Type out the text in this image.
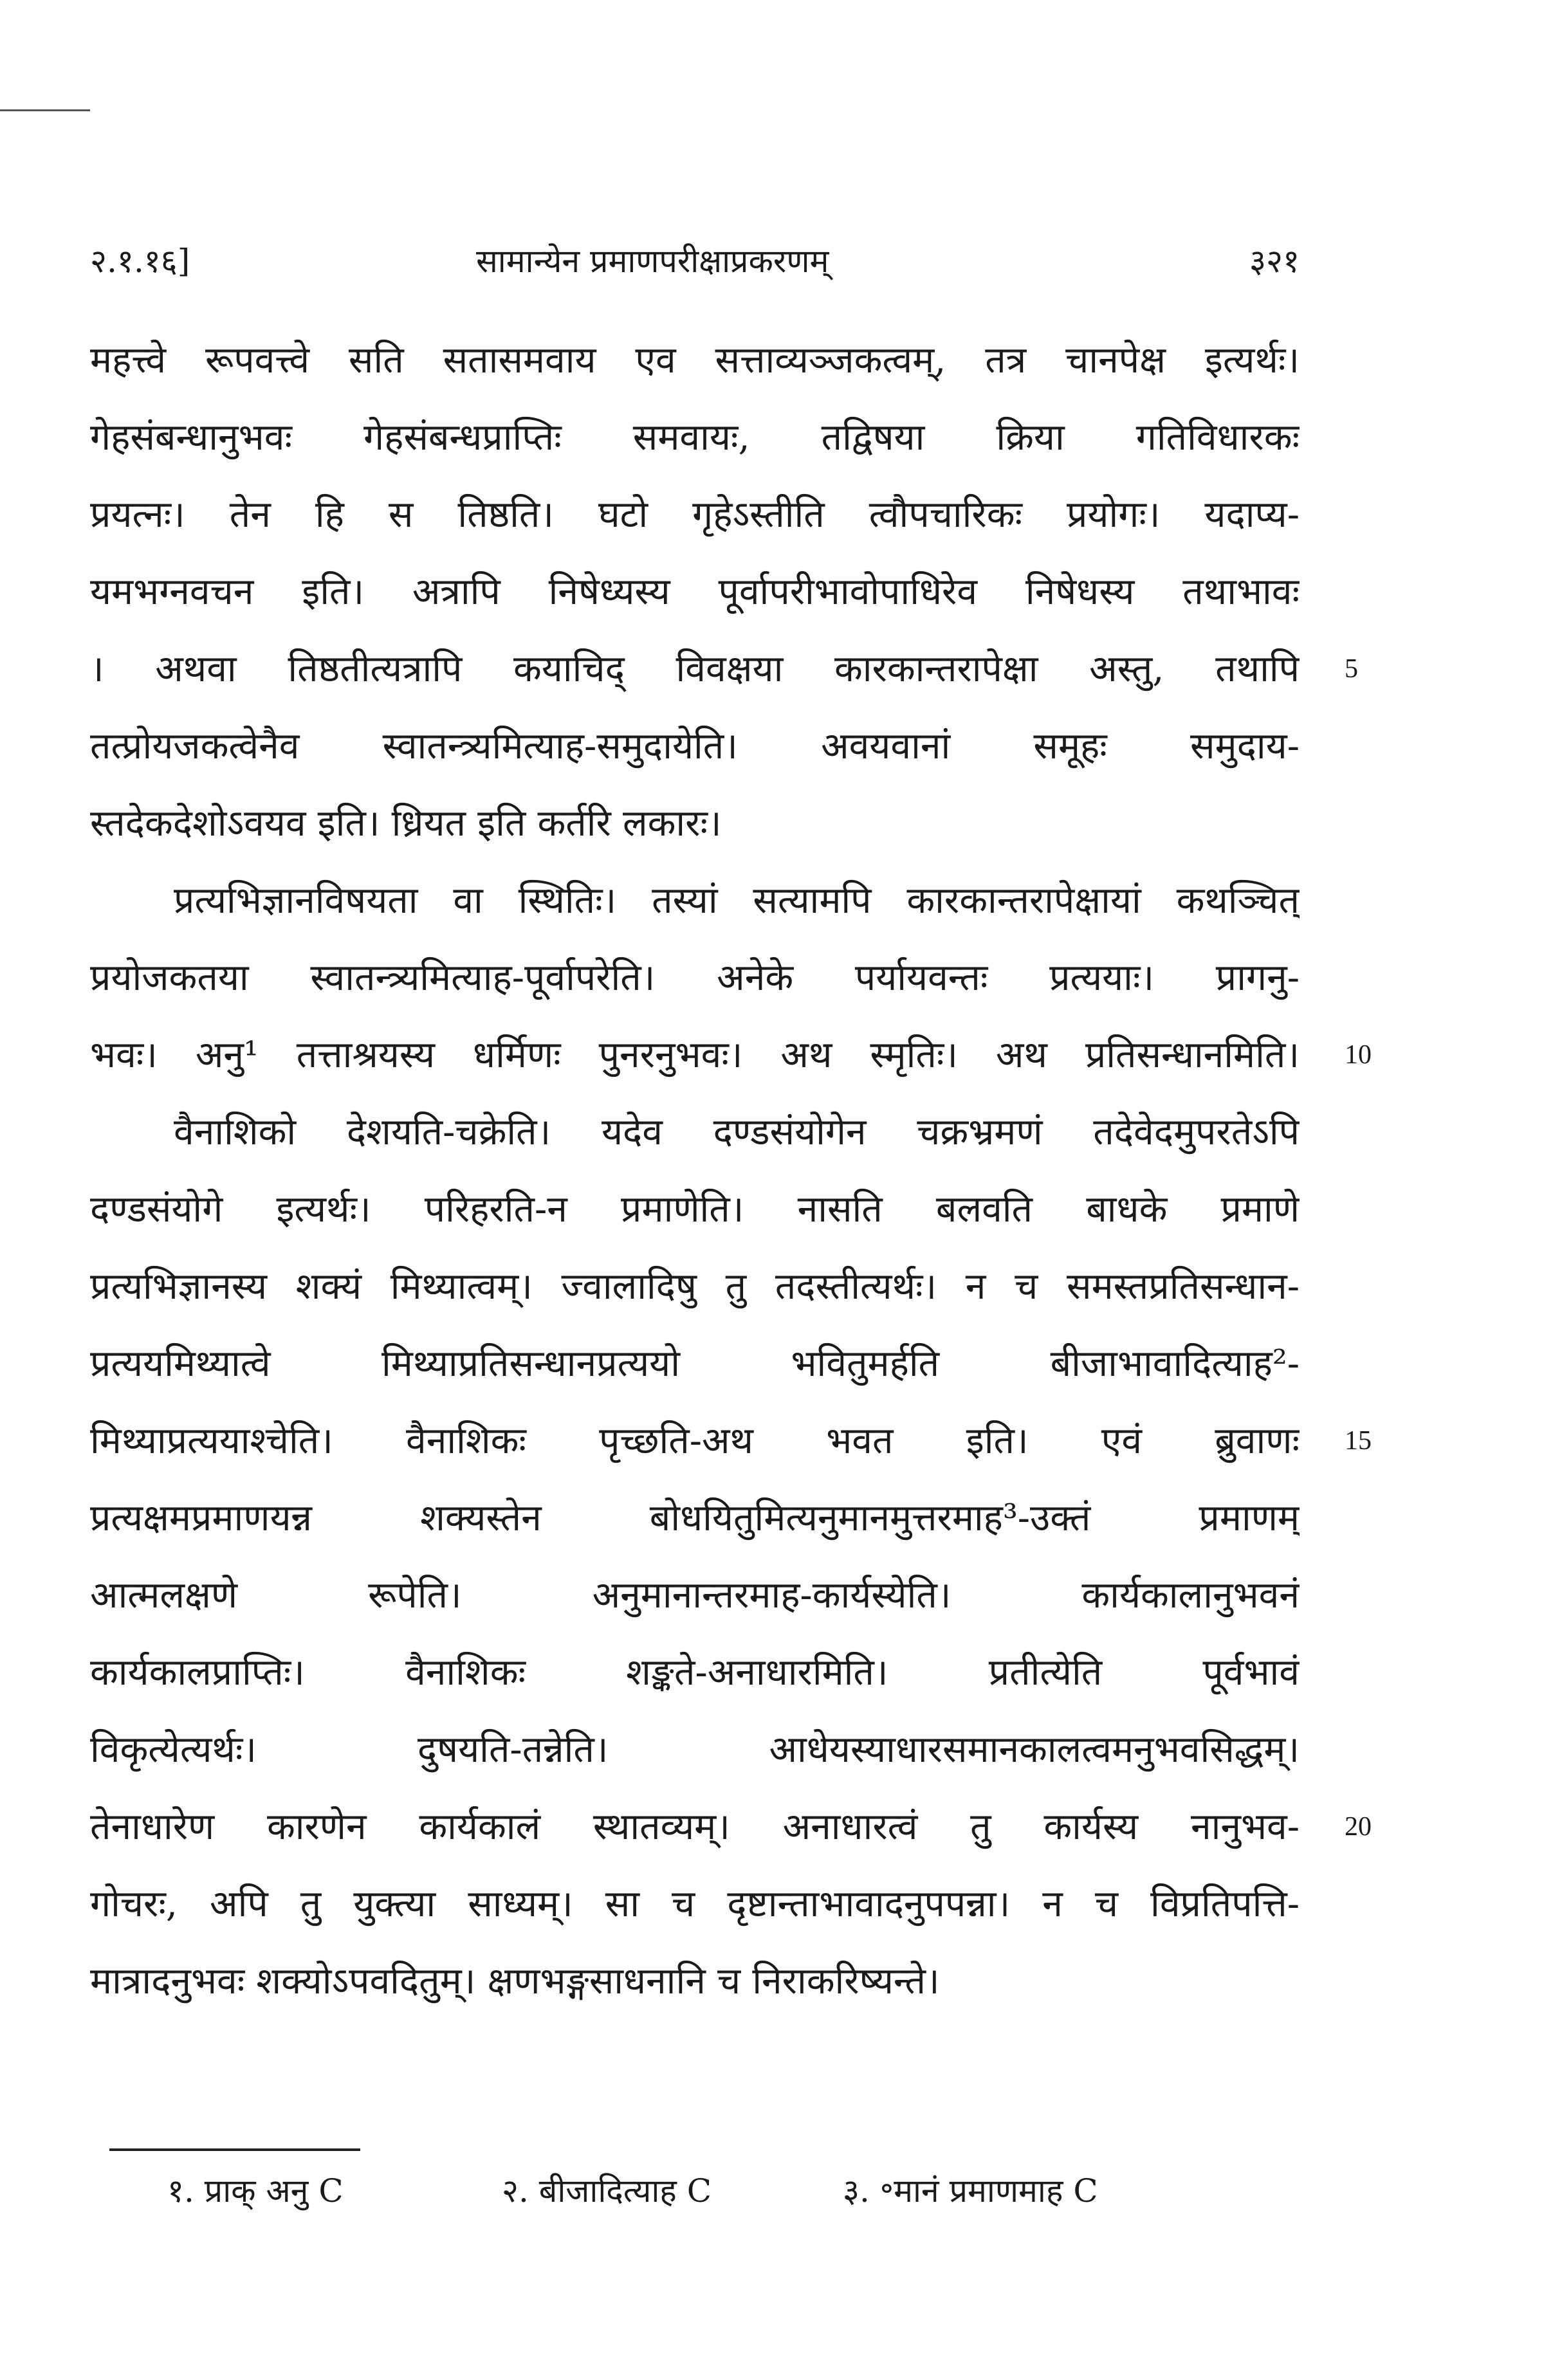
२.१.१६]	सामान्येन प्रमाणपरीक्षाप्रकरणम्	३२१
महत्त्वे रूपवत्त्वे सति सतासमवाय एव सत्ताव्यञ्जकत्वम्, तत्र चानपेक्ष इत्यर्थः।
गेहसंबन्धानुभवः गेहसंबन्धप्राप्तिः समवायः, तद्विषया क्रिया गतिविधारकः
प्रयत्नः। तेन हि स तिष्ठति। घटो गृहेऽस्तीति त्वौपचारिकः प्रयोगः। यदाप्य-
यमभग्नवचन इति। अत्रापि निषेध्यस्य पूर्वापरीभावोपाधिरेव निषेधस्य तथाभावः
। अथवा तिष्ठतीत्यत्रापि कयाचिद् विवक्षया कारकान्तरापेक्षा अस्तु, तथापि
तत्प्रोयजकत्वेनैव स्वातन्त्र्यमित्याह-समुदायेति। अवयवानां समूहः समुदाय-
स्तदेकदेशोऽवयव इति। ध्रियत इति कर्तरि लकारः।
प्रत्यभिज्ञानविषयता वा स्थितिः। तस्यां सत्यामपि कारकान्तरापेक्षायां कथञ्चित्
प्रयोजकतया स्वातन्त्र्यमित्याह-पूर्वापरेति। अनेके पर्यायवन्तः प्रत्ययाः। प्रागनु-
भवः। अनु¹ तत्ताश्रयस्य धर्मिणः पुनरनुभवः। अथ स्मृतिः। अथ प्रतिसन्धानमिति।
वैनाशिको देशयति-चक्रेति। यदेव दण्डसंयोगेन चक्रभ्रमणं तदेवेदमुपरतेऽपि
दण्डसंयोगे इत्यर्थः। परिहरति-न प्रमाणेति। नासति बलवति बाधके प्रमाणे
प्रत्यभिज्ञानस्य शक्यं मिथ्यात्वम्। ज्वालादिषु तु तदस्तीत्यर्थः। न च समस्तप्रतिसन्धान-
प्रत्ययमिथ्यात्वे मिथ्याप्रतिसन्धानप्रत्ययो भवितुमर्हति बीजाभावादित्याह²-
मिथ्याप्रत्ययाश्चेति। वैनाशिकः पृच्छति-अथ भवत इति। एवं ब्रुवाणः
प्रत्यक्षमप्रमाणयन्न शक्यस्तेन बोधयितुमित्यनुमानमुत्तरमाह³-उक्तं प्रमाणम्
आत्मलक्षणे रूपेति। अनुमानान्तरमाह-कार्यस्येति। कार्यकालानुभवनं
कार्यकालप्राप्तिः। वैनाशिकः शङ्कते-अनाधारमिति। प्रतीत्येति पूर्वभावं
विकृत्येत्यर्थः। दुषयति-तन्नेति। आधेयस्याधारसमानकालत्वमनुभवसिद्धम्।
तेनाधारेण कारणेन कार्यकालं स्थातव्यम्। अनाधारत्वं तु कार्यस्य नानुभव-
गोचरः, अपि तु युक्त्या साध्यम्। सा च दृष्टान्ताभावादनुपपन्ना। न च विप्रतिपत्ति-
मात्रादनुभवः शक्योऽपवदितुम्। क्षणभङ्गसाधनानि च निराकरिष्यन्ते।
5
10
15
20
१. प्राक् अनु C	२. बीजादित्याह C	३. ॰मानं प्रमाणमाह C
